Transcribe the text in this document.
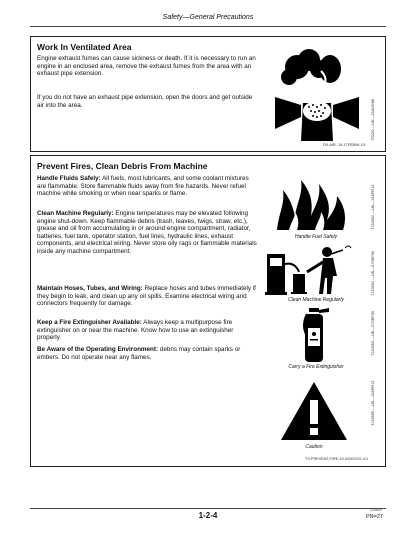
Safety—General Precautions
Work In Ventilated Area

Engine exhaust fumes can cause sickness or death. If it is necessary to run an engine in an enclosed area, remove the exhaust fumes from the area with an exhaust pipe extension.

If you do not have an exhaust pipe extension, open the doors and get outside air into the area.	TS220 —UN—23AUG88
DX,AIR -19-17FEB99-1/1
Prevent Fires, Clean Debris From Machine

Handle Fluids Safely: All fuels, most lubricants, and some coolant mixtures are flammable. Store flammable fluids away from fire hazards. Never refuel machine while smoking or when near sparks or flame.

Clean Machine Regularly: Engine temperatures may be elevated following engine shut-down. Keep flammable debris (trash, leaves, twigs, straw, etc.), grease and oil from accumulating in or around engine compartment, radiator, batteries, fuel tank, operator station, fuel lines, hydraulic lines, exhaust components, and electrical wiring. Never store oily rags or flammable materials inside any machine compartment.

Maintain Hoses, Tubes, and Wiring: Replace hoses and tubes immediately if they begin to leak, and clean up any oil spills. Examine electrical wiring and connectors frequently for damage.

Keep a Fire Extinguisher Available: Always keep a multipurpose fire extinguisher on or near the machine. Know how to use an extinguisher properly.

Be Aware of the Operating Environment: debris may contain sparks or embers. Do not operate near any flames.

Handle Fuel Safely
T133552 —UN—15APR13
Clean Machine Regularly
T133554 —UN—07SEP00
Carry a Fire Extinguisher
T133553 —UN—07SEP00
Caution
T133555 —UN—15APR13
TX,PREVENT,FIRE-19-02NOV22-1/1
1-2-4
120809
PN=27
